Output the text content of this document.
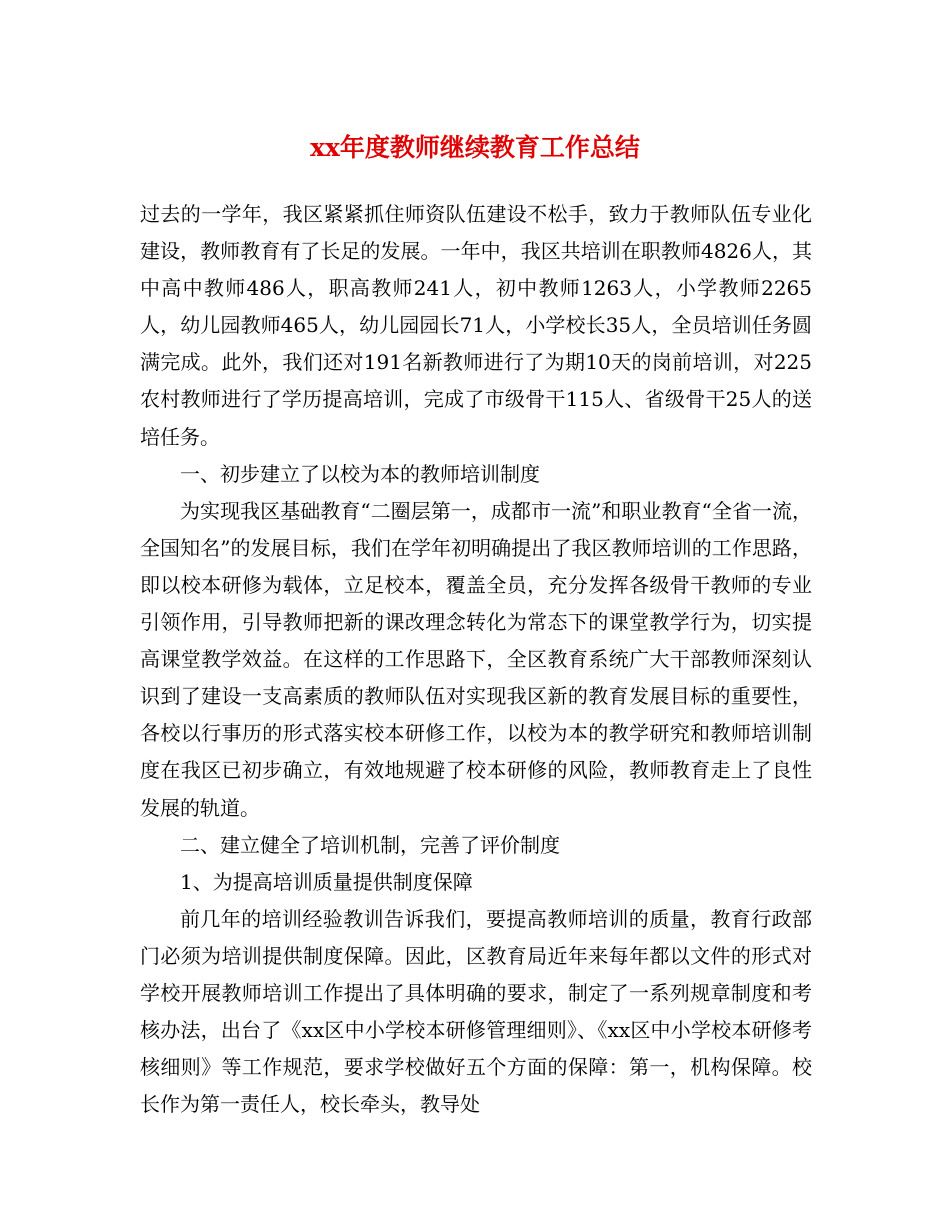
xx年度教师继续教育工作总结

过去的一学年，我区紧紧抓住师资队伍建设不松手，致力于教师队伍专业化建设，教师教育有了长足的发展。一年中，我区共培训在职教师4826人，其中高中教师486人，职高教师241人，初中教师1263人，小学教师2265人，幼儿园教师465人，幼儿园园长71人，小学校长35人，全员培训任务圆满完成。此外，我们还对191名新教师进行了为期10天的岗前培训，对225农村教师进行了学历提高培训，完成了市级骨干115人、省级骨干25人的送培任务。

一、初步建立了以校为本的教师培训制度

为实现我区基础教育“二圈层第一，成都市一流”和职业教育“全省一流，全国知名”的发展目标，我们在学年初明确提出了我区教师培训的工作思路，即以校本研修为载体，立足校本，覆盖全员，充分发挥各级骨干教师的专业引领作用，引导教师把新的课改理念转化为常态下的课堂教学行为，切实提高课堂教学效益。在这样的工作思路下，全区教育系统广大干部教师深刻认识到了建设一支高素质的教师队伍对实现我区新的教育发展目标的重要性，各校以行事历的形式落实校本研修工作，以校为本的教学研究和教师培训制度在我区已初步确立，有效地规避了校本研修的风险，教师教育走上了良性发展的轨道。

二、建立健全了培训机制，完善了评价制度

1、为提高培训质量提供制度保障

前几年的培训经验教训告诉我们，要提高教师培训的质量，教育行政部门必须为培训提供制度保障。因此，区教育局近年来每年都以文件的形式对学校开展教师培训工作提出了具体明确的要求，制定了一系列规章制度和考核办法，出台了《xx区中小学校本研修管理细则》、《xx区中小学校本研修考核细则》等工作规范，要求学校做好五个方面的保障：第一，机构保障。校长作为第一责任人，校长牵头，教导处
